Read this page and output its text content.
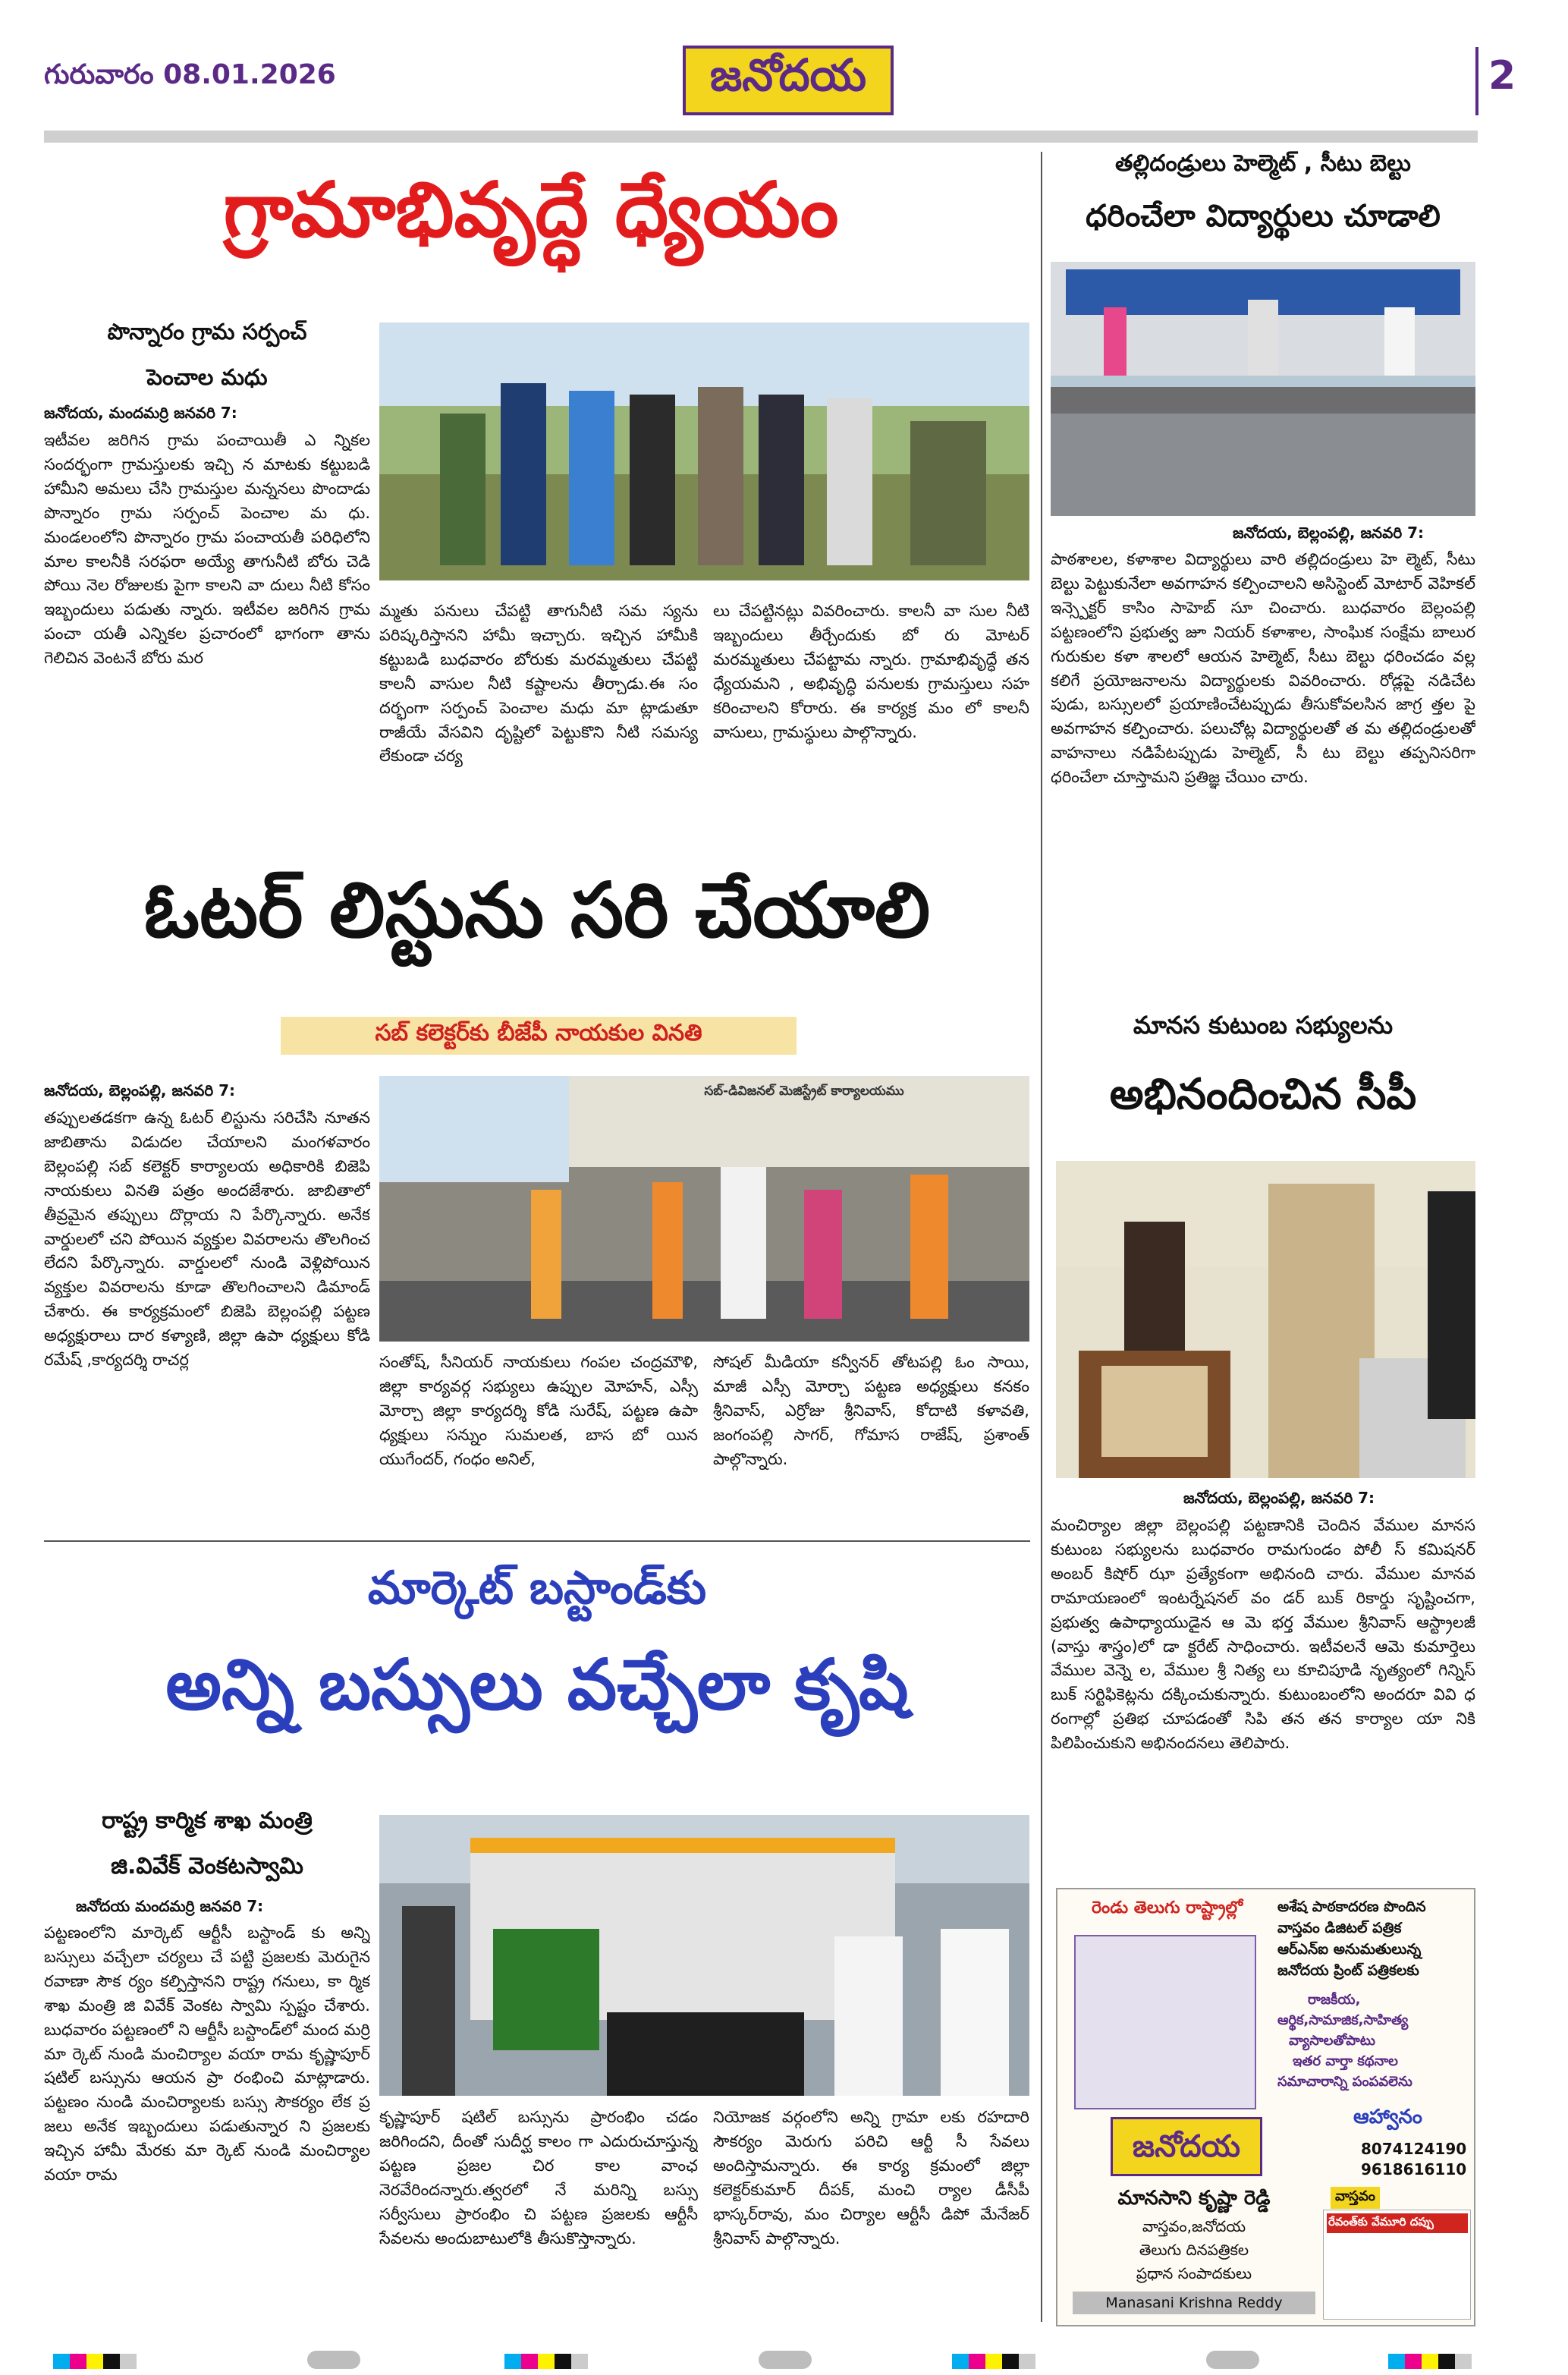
గురువారం 08.01.2026	జనోదయ	2
గ్రామాభివృద్ధే ధ్యేయం
పొన్నారం గ్రామ సర్పంచ్
పెంచాల మధు
జనోదయ, మందమర్రి జనవరి 7:
ఇటీవల జరిగిన గ్రామ పంచాయితీ ఎ న్నికల సందర్భంగా గ్రామస్తులకు ఇచ్చి న మాటకు కట్టుబడి హామీని అమలు చేసి గ్రామస్తుల మన్ననలు పొందాడు పొన్నారం గ్రామ సర్పంచ్ పెంచాల మ ధు. మండలంలోని పొన్నారం గ్రామ పంచాయతీ పరిధిలోని మాల కాలనీకి సరఫరా అయ్యే తాగునీటి బోరు చెడి పోయి నెల రోజులకు పైగా కాలని వా దులు నీటి కోసం ఇబ్బందులు పడుతు న్నారు. ఇటీవల జరిగిన గ్రామ పంచా యతీ ఎన్నికల ప్రచారంలో భాగంగా తాను గెలిచిన వెంటనే బోరు మర
మ్మతు పనులు చేపట్టి తాగునీటి సమ స్యను పరిష్కరిస్తానని హామీ ఇచ్చారు. ఇచ్చిన హామీకి కట్టుబడి బుధవారం బోరుకు మరమ్మతులు చేపట్టి కాలనీ వాసుల నీటి కష్టాలను తీర్చాడు.ఈ సం దర్భంగా సర్పంచ్ పెంచాల మధు మా ట్లాడుతూ రాజీయే వేసవిని దృష్టిలో పెట్టుకొని నీటి సమస్య లేకుండా చర్య
లు చేపట్టినట్లు వివరించారు. కాలనీ వా సుల నీటి ఇబ్బందులు తీర్చేందుకు బో రు మోటర్ మరమ్మతులు చేపట్టామ న్నారు. గ్రామాభివృద్ధే తన ధ్యేయమని , అభివృద్ధి పనులకు గ్రామస్తులు సహ కరించాలని కోరారు. ఈ కార్యక్ర మం లో కాలనీ వాసులు, గ్రామస్థులు పాల్గొన్నారు.
తల్లిదండ్రులు హెల్మెట్ , సీటు బెల్టు
ధరించేలా విద్యార్థులు చూడాలి
జనోదయ, బెల్లంపల్లి, జనవరి 7:
పాఠశాలల, కళాశాల విద్యార్థులు వారి తల్లిదండ్రులు హె ల్మెట్, సీటు బెల్టు పెట్టుకునేలా అవగాహన కల్పించాలని అసిస్టెంట్ మోటార్ వెహికల్ ఇన్స్పెక్టర్ కాసిం సాహెబ్ సూ చించారు. బుధవారం బెల్లంపల్లి పట్టణంలోని ప్రభుత్వ జూ నియర్ కళాశాల, సాంఘిక సంక్షేమ బాలుర గురుకుల కళా శాలలో ఆయన హెల్మెట్, సీటు బెల్టు ధరించడం వల్ల కలిగే ప్రయోజనాలను విద్యార్థులకు వివరించారు. రోడ్లపై నడిచేట పుడు, బస్సులలో ప్రయాణించేటప్పుడు తీసుకోవలసిన జాగ్ర త్తల పై అవగాహన కల్పించారు. పలుచోట్ల విద్యార్థులతో త మ తల్లిదండ్రులతో వాహనాలు నడిపేటప్పుడు హెల్మెట్, సీ టు బెల్టు తప్పనిసరిగా ధరించేలా చూస్తామని ప్రతిజ్ఞ చేయిం చారు.
ఓటర్ లిస్టును సరి చేయాలి
సబ్ కలెక్టర్‌కు బీజేపీ నాయకుల వినతి
జనోదయ, బెల్లంపల్లి, జనవరి 7:
తప్పులతడకగా ఉన్న ఓటర్ లిస్టును సరిచేసి నూతన జాబితాను విడుదల చేయాలని మంగళవారం బెల్లంపల్లి సబ్ కలెక్టర్ కార్యాలయ అధికారికి బిజెపి నాయకులు వినతి పత్రం అందజేశారు. జాబితాలో తీవ్రమైన తప్పులు దొర్లాయ ని పేర్కొన్నారు. అనేక వార్డులలో చని పోయిన వ్యక్తుల వివరాలను తొలగించ లేదని పేర్కొన్నారు. వార్డులలో నుండి వెళ్లిపోయిన వ్యక్తుల వివరాలను కూడా తొలగించాలని డిమాండ్ చేశారు. ఈ కార్యక్రమంలో బిజెపి బెల్లంపల్లి పట్టణ అధ్యక్షురాలు దార కళ్యాణి, జిల్లా ఉపా ధ్యక్షులు కోడి రమేష్ ,కార్యదర్శి రాచర్ల
సబ్-డివిజనల్ మెజిస్ట్రేట్ కార్యాలయము
సంతోష్, సీనియర్ నాయకులు గంపల చంద్రమౌళి, జిల్లా కార్యవర్గ సభ్యులు ఉప్పుల మోహన్, ఎస్సీ మోర్చా జిల్లా కార్యదర్శి కోడి సురేష్, పట్టణ ఉపా ధ్యక్షులు సన్నుం సుమలత, బాస బో యిన యుగేందర్, గంధం అనిల్,
సోషల్ మీడియా కన్వీనర్ తోటపల్లి ఓం సాయి, మాజీ ఎస్సీ మోర్చా పట్టణ అధ్యక్షులు కనకం శ్రీనివాస్, ఎర్రోజు శ్రీనివాస్, కోదాటి కళావతి, జంగంపల్లి సాగర్, గోమాస రాజేష్, ప్రశాంత్ పాల్గొన్నారు.
మానస కుటుంబ సభ్యులను
అభినందించిన సీపీ
జనోదయ, బెల్లంపల్లి, జనవరి 7:
మంచిర్యాల జిల్లా బెల్లంపల్లి పట్టణానికి చెందిన వేముల మానస కుటుంబ సభ్యులను బుధవారం రామగుండం పోలీ స్ కమిషనర్ అంబర్ కిషోర్ ఝా ప్రత్యేకంగా అభినంది చారు. వేముల మానవ రామాయణంలో ఇంటర్నేషనల్ వం డర్ బుక్ రికార్డు సృష్టించగా, ప్రభుత్వ ఉపాధ్యాయుడైన ఆ మె భర్త వేముల శ్రీనివాస్ ఆస్ట్రాలజీ (వాస్తు శాస్త్రం)లో డా క్టరేట్ సాధించారు. ఇటీవలనే ఆమె కుమార్తెలు వేముల వెన్నె ల, వేముల శ్రీ నిత్య లు కూచిపూడి నృత్యంలో గిన్నిస్ బుక్ సర్టిఫికెట్లను దక్కించుకున్నారు. కుటుంబంలోని అందరూ వివి ధ రంగాల్లో ప్రతిభ చూపడంతో సిపి తన తన కార్యాల యా నికి పిలిపించుకుని అభినందనలు తెలిపారు.
మార్కెట్ బస్టాండ్‌కు
అన్ని బస్సులు వచ్చేలా కృషి
రాష్ట్ర కార్మిక శాఖ మంత్రి
జి.వివేక్ వెంకటస్వామి
జనోదయ మందమర్రి జనవరి 7:
పట్టణంలోని మార్కెట్ ఆర్టీసీ బస్టాండ్ కు అన్ని బస్సులు వచ్చేలా చర్యలు చే పట్టి ప్రజలకు మెరుగైన రవాణా సౌక ర్యం కల్పిస్తానని రాష్ట్ర గనులు, కా ర్మిక శాఖ మంత్రి జి వివేక్ వెంకట స్వామి స్పష్టం చేశారు. బుధవారం పట్టణంలో ని ఆర్టీసీ బస్టాండ్‌లో మంద మర్రి మా ర్కెట్ నుండి మంచిర్యాల వయా రామ కృష్ణాపూర్ షటిల్ బస్సును ఆయన ప్రా రంభించి మాట్లాడారు. పట్టణం నుండి మంచిర్యాలకు బస్సు సౌకర్యం లేక ప్ర జలు అనేక ఇబ్బందులు పడుతున్నార ని ప్రజలకు ఇచ్చిన హామీ మేరకు మా ర్కెట్ నుండి మంచిర్యాల వయా రామ
కృష్ణాపూర్ షటిల్ బస్సును ప్రారంభిం చడం జరిగిందని, దీంతో సుదీర్ఘ కాలం గా ఎదురుచూస్తున్న పట్టణ ప్రజల చిర కాల వాంఛ నెరవేరిందన్నారు.త్వరలో నే మరిన్ని బస్సు సర్వీసులు ప్రారంభిం చి పట్టణ ప్రజలకు ఆర్టీసీ సేవలను అందుబాటులోకి తీసుకొస్తాన్నారు.
నియోజక వర్గంలోని అన్ని గ్రామా లకు రహదారి సౌకర్యం మెరుగు పరిచి ఆర్టీ సీ సేవలు అందిస్తామన్నారు. ఈ కార్య క్రమంలో జిల్లా కలెక్టర్‌కుమార్ దీపక్, మంచి ర్యాల డీసీపీ భాస్కర్‌రావు, మం చిర్యాల ఆర్టీసీ డిపో మేనేజర్ శ్రీనివాస్ పాల్గొన్నారు.
రెండు తెలుగు రాష్ట్రాల్లో అశేష పాఠకాదరణ పొందిన
వాస్తవం డిజిటల్ పత్రిక
ఆర్‌ఎన్‌ఐ అనుమతులున్న
జనోదయ ప్రింట్ పత్రికలకు
రాజకీయ,
ఆర్థిక,సామాజిక,సాహిత్య
వ్యాసాలతోపాటు
ఇతర వార్తా కథనాల
సమాచారాన్ని పంపవలెను
ఆహ్వానం
8074124190
9618616110
జనోదయ
మానసాని కృష్ణా రెడ్డి
వాస్తవం,జనోదయ
తెలుగు దినపత్రికల
ప్రధాన సంపాదకులు
వాస్తవం
రేవంత్‌కు వేమూరి దప్పు
Manasani Krishna Reddy
